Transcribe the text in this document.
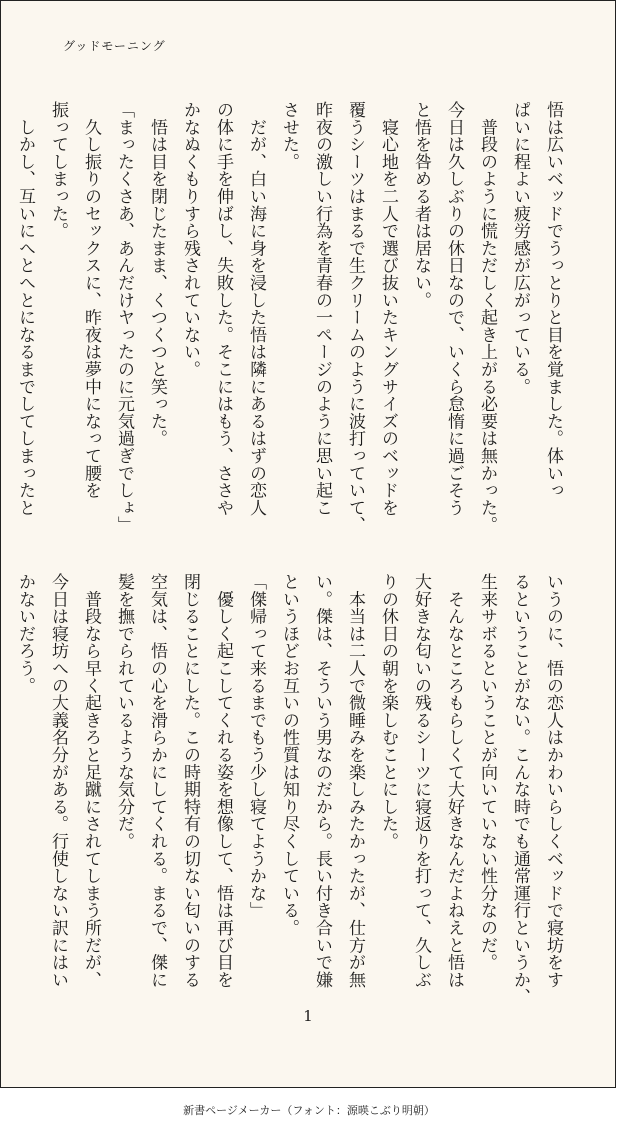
グッドモーニング
悟は広いベッドでうっとりと目を覚ました。体いっ
ぱいに程よい疲労感が広がっている。
　普段のように慌ただしく起き上がる必要は無かった。
今日は久しぶりの休日なので、いくら怠惰に過ごそう
と悟を咎める者は居ない。
　寝心地を二人で選び抜いたキングサイズのベッドを
覆うシーツはまるで生クリームのように波打っていて、
昨夜の激しい行為を青春の一ページのように思い起こ
させた。
　だが、白い海に身を浸した悟は隣にあるはずの恋人
の体に手を伸ばし、失敗した。そこにはもう、ささや
かなぬくもりすら残されていない。
　悟は目を閉じたまま、くつくつと笑った。
「まったくさあ、あんだけヤったのに元気過ぎでしょ」
　久し振りのセックスに、昨夜は夢中になって腰を
振ってしまった。
　しかし、互いにへとへとになるまでしてしまったと
いうのに、悟の恋人はかわいらしくベッドで寝坊をす
るということがない。こんな時でも通常運行というか、
生来サボるということが向いていない性分なのだ。
　そんなところもらしくて大好きなんだよねえと悟は
大好きな匂いの残るシーツに寝返りを打って、久しぶ
りの休日の朝を楽しむことにした。
　本当は二人で微睡みを楽しみたかったが、仕方が無
い。傑は、そういう男なのだから。長い付き合いで嫌
というほどお互いの性質は知り尽くしている。
「傑帰って来るまでもう少し寝てようかな」
　優しく起こしてくれる姿を想像して、悟は再び目を
閉じることにした。この時期特有の切ない匂いのする
空気は、悟の心を滑らかにしてくれる。まるで、傑に
髪を撫でられているような気分だ。
　普段なら早く起きろと足蹴にされてしまう所だが、
今日は寝坊への大義名分がある。行使しない訳にはい
かないだろう。
1
新書ページメーカー（フォント：源暎こぶり明朝）
